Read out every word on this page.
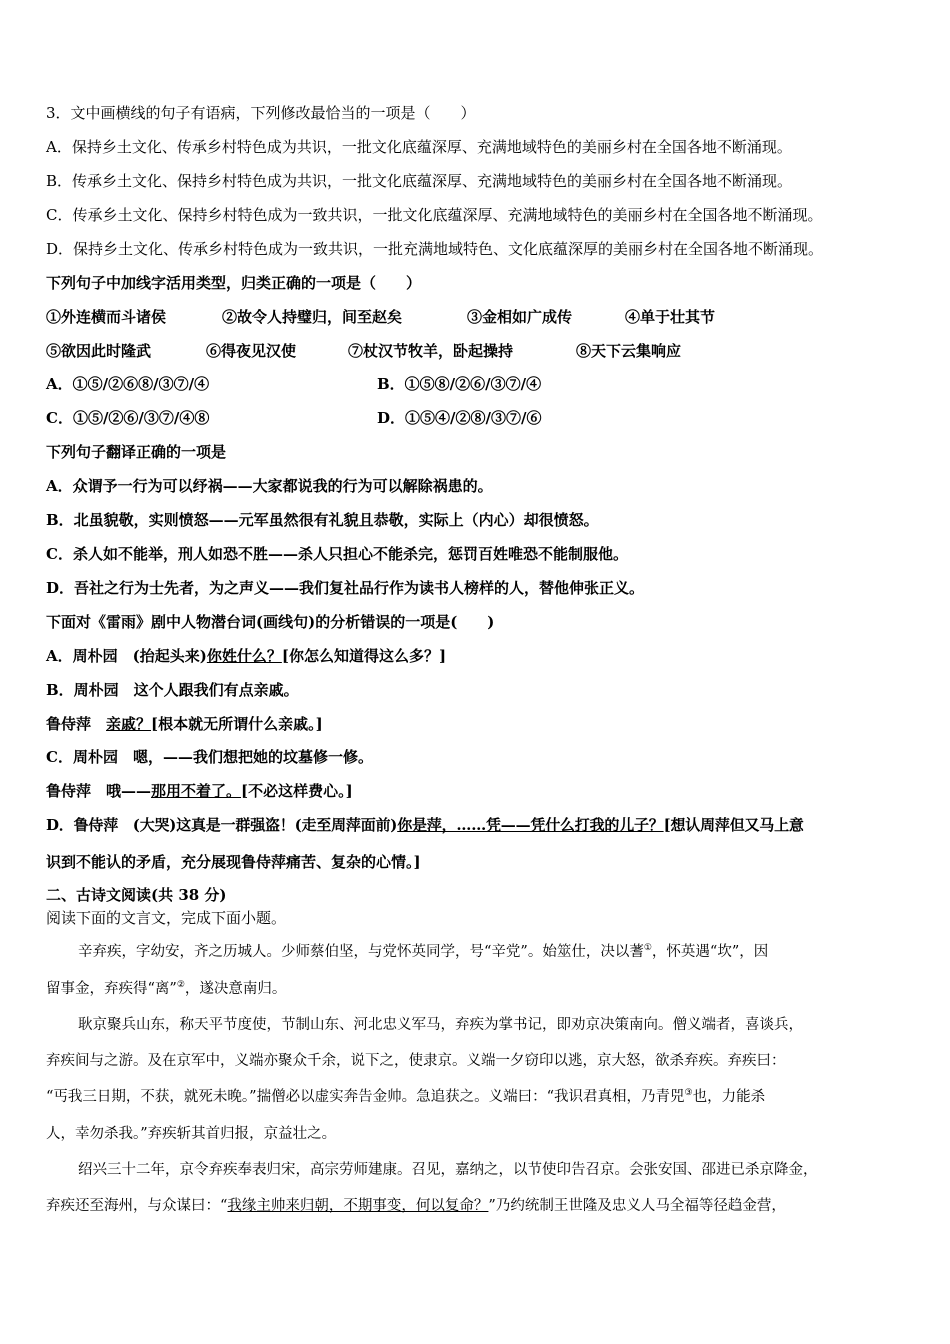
3．文中画横线的句子有语病，下列修改最恰当的一项是（　　）
A．保持乡土文化、传承乡村特色成为共识，一批文化底蕴深厚、充满地域特色的美丽乡村在全国各地不断涌现。
B．传承乡土文化、保持乡村特色成为共识，一批文化底蕴深厚、充满地域特色的美丽乡村在全国各地不断涌现。
C．传承乡土文化、保持乡村特色成为一致共识，一批文化底蕴深厚、充满地域特色的美丽乡村在全国各地不断涌现。
D．保持乡土文化、传承乡村特色成为一致共识，一批充满地域特色、文化底蕴深厚的美丽乡村在全国各地不断涌现。
下列句子中加线字活用类型，归类正确的一项是（　　）
①外连横而斗诸侯	②故令人持璧归，间至赵矣	③金相如广成传	④单于壮其节
⑤欲因此时隆武	⑥得夜见汉使	⑦杖汉节牧羊，卧起操持	⑧天下云集响应
A．①⑤/②⑥⑧/③⑦/④	B．①⑤⑧/②⑥/③⑦/④
C．①⑤/②⑥/③⑦/④⑧	D．①⑤④/②⑧/③⑦/⑥
下列句子翻译正确的一项是
A．众谓予一行为可以纾祸——大家都说我的行为可以解除祸患的。
B．北虽貌敬，实则愤怒——元军虽然很有礼貌且恭敬，实际上（内心）却很愤怒。
C．杀人如不能举，刑人如恐不胜——杀人只担心不能杀完，惩罚百姓唯恐不能制服他。
D．吾社之行为士先者，为之声义——我们复社品行作为读书人榜样的人，替他伸张正义。
下面对《雷雨》剧中人物潜台词(画线句)的分析错误的一项是(　　)
A．周朴园　(抬起头来)你姓什么？[你怎么知道得这么多？]
B．周朴园　这个人跟我们有点亲戚。
鲁侍萍　亲戚？[根本就无所谓什么亲戚。]
C．周朴园　嗯，——我们想把她的坟墓修一修。
鲁侍萍　哦——那用不着了。[不必这样费心。]
D．鲁侍萍　(大哭)这真是一群强盗！(走至周萍面前)你是萍，……凭——凭什么打我的儿子？[想认周萍但又马上意
识到不能认的矛盾，充分展现鲁侍萍痛苦、复杂的心情。]
二、古诗文阅读(共 38 分)
阅读下面的文言文，完成下面小题。
辛弃疾，字幼安，齐之历城人。少师蔡伯坚，与党怀英同学，号“辛党”。始筮仕，决以蓍①，怀英遇“坎”，因
留事金，弃疾得“离”②，遂决意南归。
耿京聚兵山东，称天平节度使，节制山东、河北忠义军马，弃疾为掌书记，即劝京决策南向。僧义端者，喜谈兵，
弃疾间与之游。及在京军中，义端亦聚众千余，说下之，使隶京。义端一夕窃印以逃，京大怒，欲杀弃疾。弃疾曰：
“丐我三日期，不获，就死未晚。”揣僧必以虚实奔告金帅。急追获之。义端曰：“我识君真相，乃青兕③也，力能杀
人，幸勿杀我。”弃疾斩其首归报，京益壮之。
绍兴三十二年，京令弃疾奉表归宋，高宗劳师建康。召见，嘉纳之，以节使印告召京。会张安国、邵进已杀京降金，
弃疾还至海州，与众谋曰：“我缘主帅来归朝，不期事变，何以复命？”乃约统制王世隆及忠义人马全福等径趋金营，
